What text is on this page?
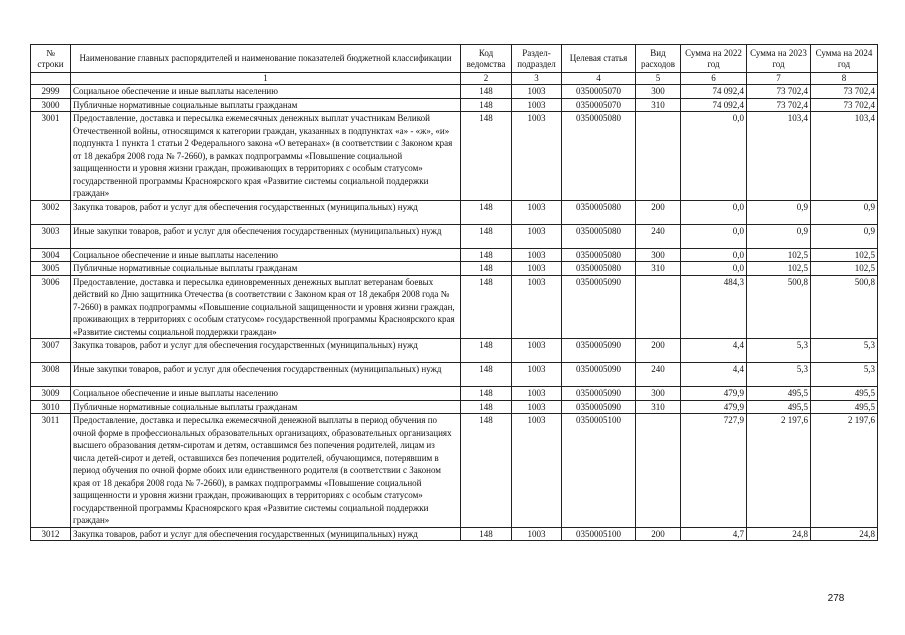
№ строки	Наименование главных распорядителей и наименование показателей бюджетной классификации	Код ведомства	Раздел- подраздел	Целевая статья	Вид расходов	Сумма на 2022 год	Сумма на 2023 год	Сумма на 2024 год
	1	2	3	4	5	6	7	8
2999	Социальное обеспечение и иные выплаты населению	148	1003	0350005070	300	74 092,4	73 702,4	73 702,4
3000	Публичные нормативные социальные выплаты гражданам	148	1003	0350005070	310	74 092,4	73 702,4	73 702,4
3001	Предоставление, доставка и пересылка ежемесячных денежных выплат участникам Великой Отечественной войны, относящимся к категории граждан, указанных в подпунктах «а» - «ж», «и» подпункта 1 пункта 1 статьи 2 Федерального закона «О ветеранах» (в соответствии с Законом края от 18 декабря 2008 года № 7-2660), в рамках подпрограммы «Повышение социальной защищенности и уровня жизни граждан, проживающих в территориях с особым статусом» государственной программы Красноярского края «Развитие системы социальной поддержки граждан»	148	1003	0350005080		0,0	103,4	103,4
3002	Закупка товаров, работ и услуг для обеспечения государственных (муниципальных) нужд	148	1003	0350005080	200	0,0	0,9	0,9
3003	Иные закупки товаров, работ и услуг для обеспечения государственных (муниципальных) нужд	148	1003	0350005080	240	0,0	0,9	0,9
3004	Социальное обеспечение и иные выплаты населению	148	1003	0350005080	300	0,0	102,5	102,5
3005	Публичные нормативные социальные выплаты гражданам	148	1003	0350005080	310	0,0	102,5	102,5
3006	Предоставление, доставка и пересылка единовременных денежных выплат ветеранам боевых действий ко Дню защитника Отечества (в соответствии с Законом края от 18 декабря 2008 года № 7-2660) в рамках подпрограммы «Повышение социальной защищенности и уровня жизни граждан, проживающих в территориях с особым статусом» государственной программы Красноярского края «Развитие системы социальной поддержки граждан»	148	1003	0350005090		484,3	500,8	500,8
3007	Закупка товаров, работ и услуг для обеспечения государственных (муниципальных) нужд	148	1003	0350005090	200	4,4	5,3	5,3
3008	Иные закупки товаров, работ и услуг для обеспечения государственных (муниципальных) нужд	148	1003	0350005090	240	4,4	5,3	5,3
3009	Социальное обеспечение и иные выплаты населению	148	1003	0350005090	300	479,9	495,5	495,5
3010	Публичные нормативные социальные выплаты гражданам	148	1003	0350005090	310	479,9	495,5	495,5
3011	Предоставление, доставка и пересылка ежемесячной денежной выплаты в период обучения по очной форме в профессиональных образовательных организациях, образовательных организациях высшего образования детям-сиротам и детям, оставшимся без попечения родителей, лицам из числа детей-сирот и детей, оставшихся без попечения родителей, обучающимся, потерявшим в период обучения по очной форме обоих или единственного родителя (в соответствии с Законом края от 18 декабря 2008 года № 7-2660), в рамках подпрограммы «Повышение социальной защищенности и уровня жизни граждан, проживающих в территориях с особым статусом» государственной программы Красноярского края «Развитие системы социальной поддержки граждан»	148	1003	0350005100		727,9	2 197,6	2 197,6
3012	Закупка товаров, работ и услуг для обеспечения государственных (муниципальных) нужд	148	1003	0350005100	200	4,7	24,8	24,8
278
